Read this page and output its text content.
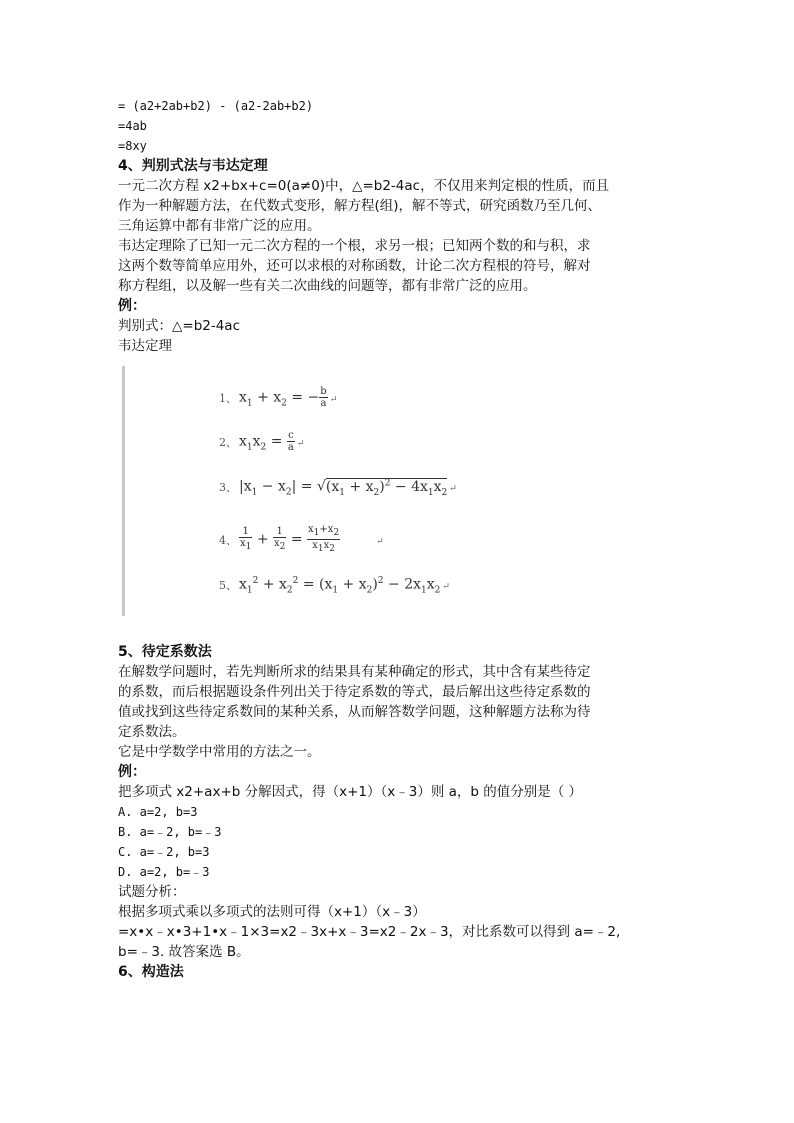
= (a2+2ab+b2) - (a2-2ab+b2)
=4ab
=8xy
4、判别式法与韦达定理
一元二次方程 x2+bx+c=0(a≠0)中，△=b2-4ac，不仅用来判定根的性质，而且
作为一种解题方法，在代数式变形，解方程(组)，解不等式，研究函数乃至几何、
三角运算中都有非常广泛的应用。
韦达定理除了已知一元二次方程的一个根，求另一根；已知两个数的和与积，求
这两个数等简单应用外，还可以求根的对称函数，计论二次方程根的符号，解对
称方程组，以及解一些有关二次曲线的问题等，都有非常广泛的应用。
例：
判别式：△=b2-4ac
韦达定理
1、 $x_1 + x_2$ = − $\frac{b}{a}$ ↵
2、 $x_1x_2 = \frac{c}{a}$ ↵
3、 $|x_1 - x_2| = √(x_1 + x_2)^2 - 4x_1x_2$ ↵
4、 $\frac{1}{x_1} + \frac{1}{x_2} = \frac{x_1+x_2}{x_1x_2}$	↵
5、 $x_1^2 + x_2^2 = (x_1 + x_2)^2 - 2x_1x_2$ ↵
5、待定系数法
在解数学问题时，若先判断所求的结果具有某种确定的形式，其中含有某些待定
的系数，而后根据题设条件列出关于待定系数的等式，最后解出这些待定系数的
值或找到这些待定系数间的某种关系，从而解答数学问题，这种解题方法称为待
定系数法。
它是中学数学中常用的方法之一。
例：
把多项式 x2+ax+b 分解因式，得（x+1）（x﹣3）则 a，b 的值分别是（ ）
A. a=2, b=3
B. a=﹣2, b=﹣3
C. a=﹣2, b=3
D. a=2, b=﹣3
试题分析：
根据多项式乘以多项式的法则可得（x+1）（x﹣3）
=x•x﹣x•3+1•x﹣1×3=x2﹣3x+x﹣3=x2﹣2x﹣3，对比系数可以得到 a=﹣2,
b=﹣3. 故答案选 B。
6、构造法
